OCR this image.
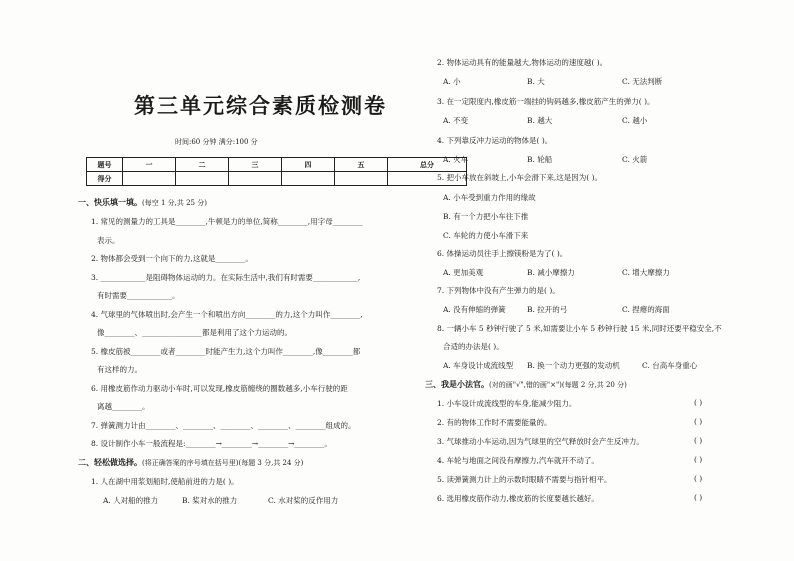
第三单元综合素质检测卷
时间:60 分钟 满分:100 分
题号	一	二	三	四	五	总分
得分						
一、快乐填一填。(每空 1 分,共 25 分)
1. 常见的测量力的工具是________,牛顿是力的单位,简称________,用字母________
表示。
2. 物体都会受到一个向下的力,这就是________。
3. ____________是阻碍物体运动的力。在实际生活中,我们有时需要____________,
有时需要____________。
4. 气球里的气体喷出时,会产生一个和喷出方向________的力,这个力叫作________,
像________、________________都是利用了这个力运动的。
5. 橡皮筋被________或者________时能产生力,这个力叫作________,像________都
有这样的力。
6. 用橡皮筋作动力驱动小车时,可以发现,橡皮筋缠绕的圈数越多,小车行驶的距
离越________。
7. 弹簧测力计由________、________、________、________、________组成的。
8. 设计制作小车一般流程是:________→________→________→________。
二、轻松做选择。(将正确答案的序号填在括号里)(每题 3 分,共 24 分)
1. 人在湖中用浆划船时,使船前进的力是( )。
A. 人对船的推力	B. 桨对水的推力	C. 水对桨的反作用力
2. 物体运动具有的能量越大,物体运动的速度越( )。
A. 小	B. 大	C. 无法判断
3. 在一定限度内,橡皮筋一端挂的钩码越多,橡皮筋产生的弹力( )。
A. 不变	B. 越大	C. 越小
4. 下列靠反冲力运动的物体是( )。
A. 火车	B. 轮船	C. 火箭
5. 把小车放在斜坡上,小车会滑下来,这是因为( )。
A. 小车受到重力作用的缘故
B. 有一个力把小车往下推
C. 车轮的力使小车滑下来
6. 体操运动员往手上擦镁粉是为了( )。
A. 更加美观	B. 减小摩擦力	C. 增大摩擦力
7. 下列物体中没有产生弹力的是( )。
A. 没有伸缩的弹簧	B. 拉开的弓	C. 捏瘪的海面
8. 一辆小车 5 秒钟行驶了 5 米,如需要让小车 5 秒钟行驶 15 米,同时还要平稳安全,不
合适的办法是( )。
A. 车身设计成流线型 B. 换一个动力更强的发动机	C. 台高车身重心
三、我是小法官。(对的画"√",错的画"×")(每题 2 分,共 20 分)
1. 小车设计成流线型的车身,能减少阻力。	( )
2. 有的物体工作时不需要能量的。	( )
3. 气球推动小车运动,因为气球里的空气释放时会产生反冲力。	( )
4. 车轮与地面之间没有摩擦力,汽车就开不动了。	( )
5. 读弹簧测力计上的示数时眼睛不需要与指针相平。	( )
6. 选用橡皮筋作动力,橡皮筋的长度要越长越好。	( )
